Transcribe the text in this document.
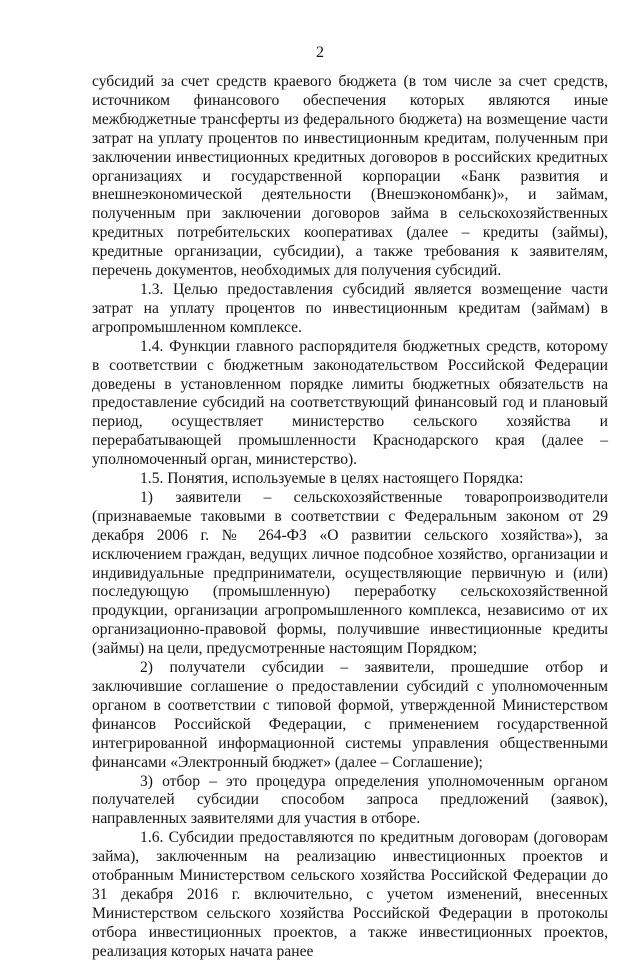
2

субсидий за счет средств краевого бюджета (в том числе за счет средств, источником финансового обеспечения которых являются иные межбюджетные трансферты из федерального бюджета) на возмещение части затрат на уплату процентов по инвестиционным кредитам, полученным при заключении инвестиционных кредитных договоров в российских кредитных организациях и государственной корпорации «Банк развития и внешнеэкономической деятельности (Внешэкономбанк)», и займам, полученным при заключении договоров займа в сельскохозяйственных кредитных потребительских кооперативах (далее – кредиты (займы), кредитные организации, субсидии), а также требования к заявителям, перечень документов, необходимых для получения субсидий.

1.3. Целью предоставления субсидий является возмещение части затрат на уплату процентов по инвестиционным кредитам (займам) в агропромышленном комплексе.

1.4. Функции главного распорядителя бюджетных средств, которому в соответствии с бюджетным законодательством Российской Федерации доведены в установленном порядке лимиты бюджетных обязательств на предоставление субсидий на соответствующий финансовый год и плановый период, осуществляет министерство сельского хозяйства и перерабатывающей промышленности Краснодарского края (далее – уполномоченный орган, министерство).

1.5. Понятия, используемые в целях настоящего Порядка:

1) заявители – сельскохозяйственные товаропроизводители (признаваемые таковыми в соответствии с Федеральным законом от 29 декабря 2006 г. № 264-ФЗ «О развитии сельского хозяйства»), за исключением граждан, ведущих личное подсобное хозяйство, организации и индивидуальные предприниматели, осуществляющие первичную и (или) последующую (промышленную) переработку сельскохозяйственной продукции, организации агропромышленного комплекса, независимо от их организационно-правовой формы, получившие инвестиционные кредиты (займы) на цели, предусмотренные настоящим Порядком;

2) получатели субсидии – заявители, прошедшие отбор и заключившие соглашение о предоставлении субсидий с уполномоченным органом в соответствии с типовой формой, утвержденной Министерством финансов Российской Федерации, с применением государственной интегрированной информационной системы управления общественными финансами «Электронный бюджет» (далее – Соглашение);

3) отбор – это процедура определения уполномоченным органом получателей субсидии способом запроса предложений (заявок), направленных заявителями для участия в отборе.

1.6. Субсидии предоставляются по кредитным договорам (договорам займа), заключенным на реализацию инвестиционных проектов и отобранным Министерством сельского хозяйства Российской Федерации до 31 декабря 2016 г. включительно, с учетом изменений, внесенных Министерством сельского хозяйства Российской Федерации в протоколы отбора инвестиционных проектов, а также инвестиционных проектов, реализация которых начата ранее
